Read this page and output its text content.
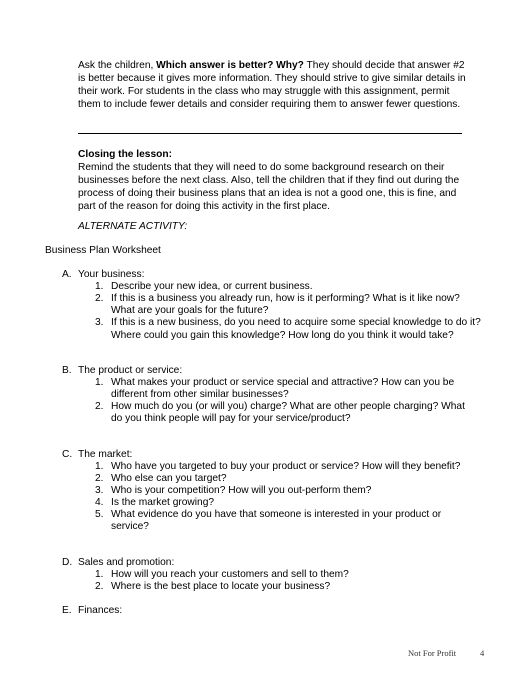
Ask the children, Which answer is better? Why? They should decide that answer #2
is better because it gives more information. They should strive to give similar details in
their work. For students in the class who may struggle with this assignment, permit
them to include fewer details and consider requiring them to answer fewer questions.
Closing the lesson:
Remind the students that they will need to do some background research on their
businesses before the next class. Also, tell the children that if they find out during the
process of doing their business plans that an idea is not a good one, this is fine, and
part of the reason for doing this activity in the first place.
ALTERNATE ACTIVITY:
Business Plan Worksheet
A. Your business:
1. Describe your new idea, or current business.
2. If this is a business you already run, how is it performing? What is it like now?
What are your goals for the future?
3. If this is a new business, do you need to acquire some special knowledge to do it? Where could you gain this knowledge? How long do you think it would take?
B. The product or service:
1. What makes your product or service special and attractive? How can you be
different from other similar businesses?
2. How much do you (or will you) charge? What are other people charging? What
do you think people will pay for your service/product?
C. The market:
1. Who have you targeted to buy your product or service? How will they benefit?
2. Who else can you target?
3. Who is your competition? How will you out-perform them?
4. Is the market growing?
5. What evidence do you have that someone is interested in your product or
service?
D. Sales and promotion:
1. How will you reach your customers and sell to them?
2. Where is the best place to locate your business?
E. Finances:
Not For Profit	4
